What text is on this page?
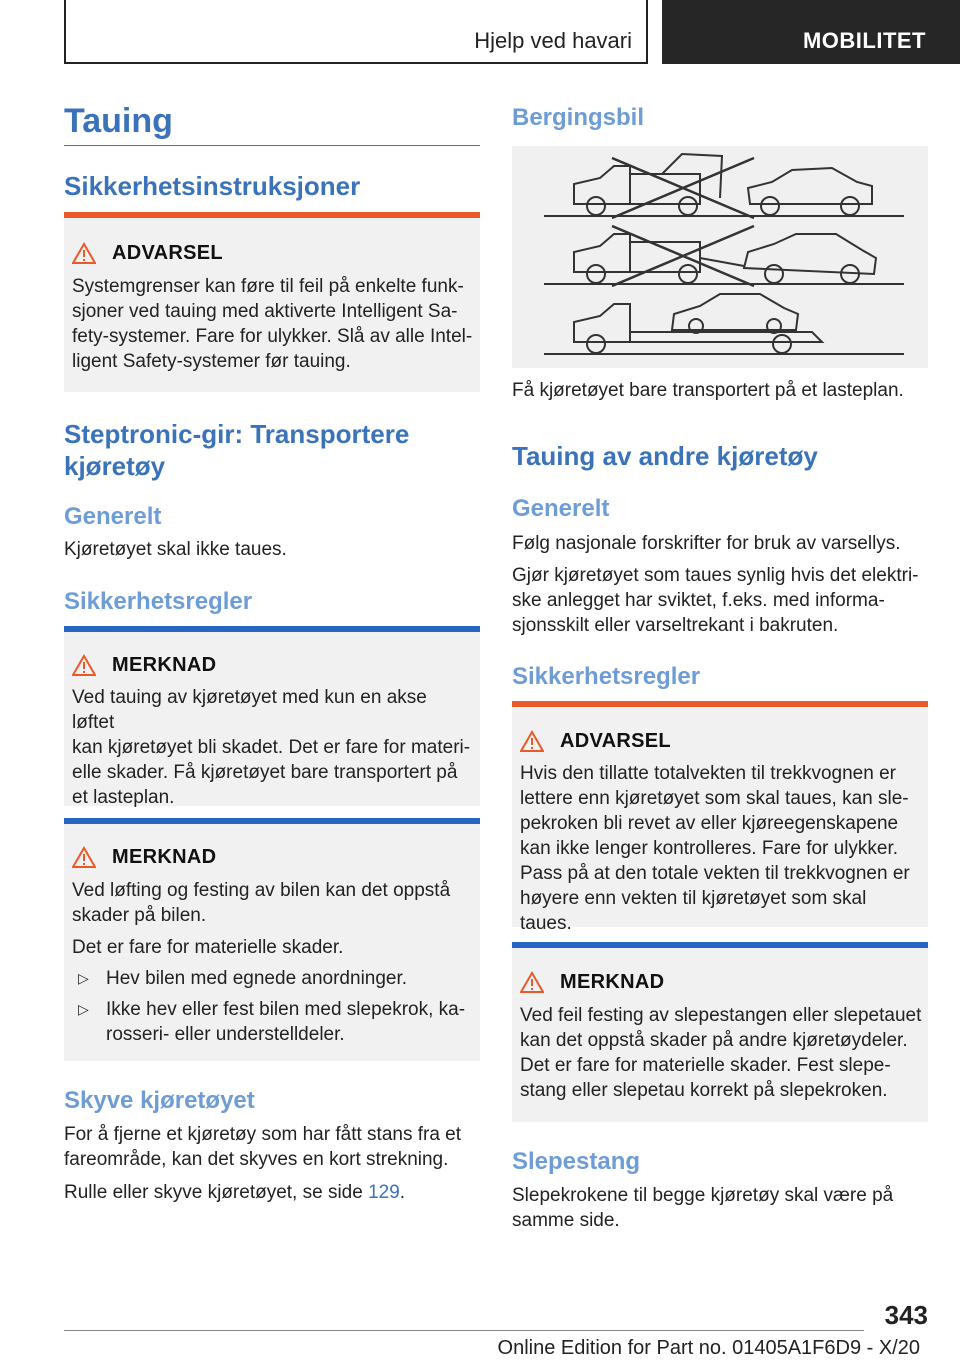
Hjelp ved havari	MOBILITET
Tauing
Sikkerhetsinstruksjoner
ADVARSEL
Systemgrenser kan føre til feil på enkelte funk-
sjoner ved tauing med aktiverte Intelligent Sa-
fety-systemer. Fare for ulykker. Slå av alle Intel-
ligent Safety-systemer før tauing.
Steptronic-gir: Transportere
kjøretøy
Generelt
Kjøretøyet skal ikke taues.
Sikkerhetsregler
MERKNAD
Ved tauing av kjøretøyet med kun en akse løftet
kan kjøretøyet bli skadet. Det er fare for materi-
elle skader. Få kjøretøyet bare transportert på
et lasteplan.
MERKNAD
Ved løfting og festing av bilen kan det oppstå
skader på bilen.
Det er fare for materielle skader.
▷ Hev bilen med egnede anordninger.
▷ Ikke hev eller fest bilen med slepekrok, ka-
rosseri- eller understelldeler.
Skyve kjøretøyet
For å fjerne et kjøretøy som har fått stans fra et
fareområde, kan det skyves en kort strekning.
Rulle eller skyve kjøretøyet, se side 129.
Bergingsbil
Få kjøretøyet bare transportert på et lasteplan.
Tauing av andre kjøretøy
Generelt
Følg nasjonale forskrifter for bruk av varsellys.
Gjør kjøretøyet som taues synlig hvis det elektri-
ske anlegget har sviktet, f.eks. med informa-
sjonsskilt eller varseltrekant i bakruten.
Sikkerhetsregler
ADVARSEL
Hvis den tillatte totalvekten til trekkvognen er
lettere enn kjøretøyet som skal taues, kan sle-
pekroken bli revet av eller kjøreegenskapene
kan ikke lenger kontrolleres. Fare for ulykker.
Pass på at den totale vekten til trekkvognen er
høyere enn vekten til kjøretøyet som skal taues.
MERKNAD
Ved feil festing av slepestangen eller slepetauet
kan det oppstå skader på andre kjøretøydeler.
Det er fare for materielle skader. Fest slepe-
stang eller slepetau korrekt på slepekroken.
Slepestang
Slepekrokene til begge kjøretøy skal være på
samme side.
343
Online Edition for Part no. 01405A1F6D9 - X/20
